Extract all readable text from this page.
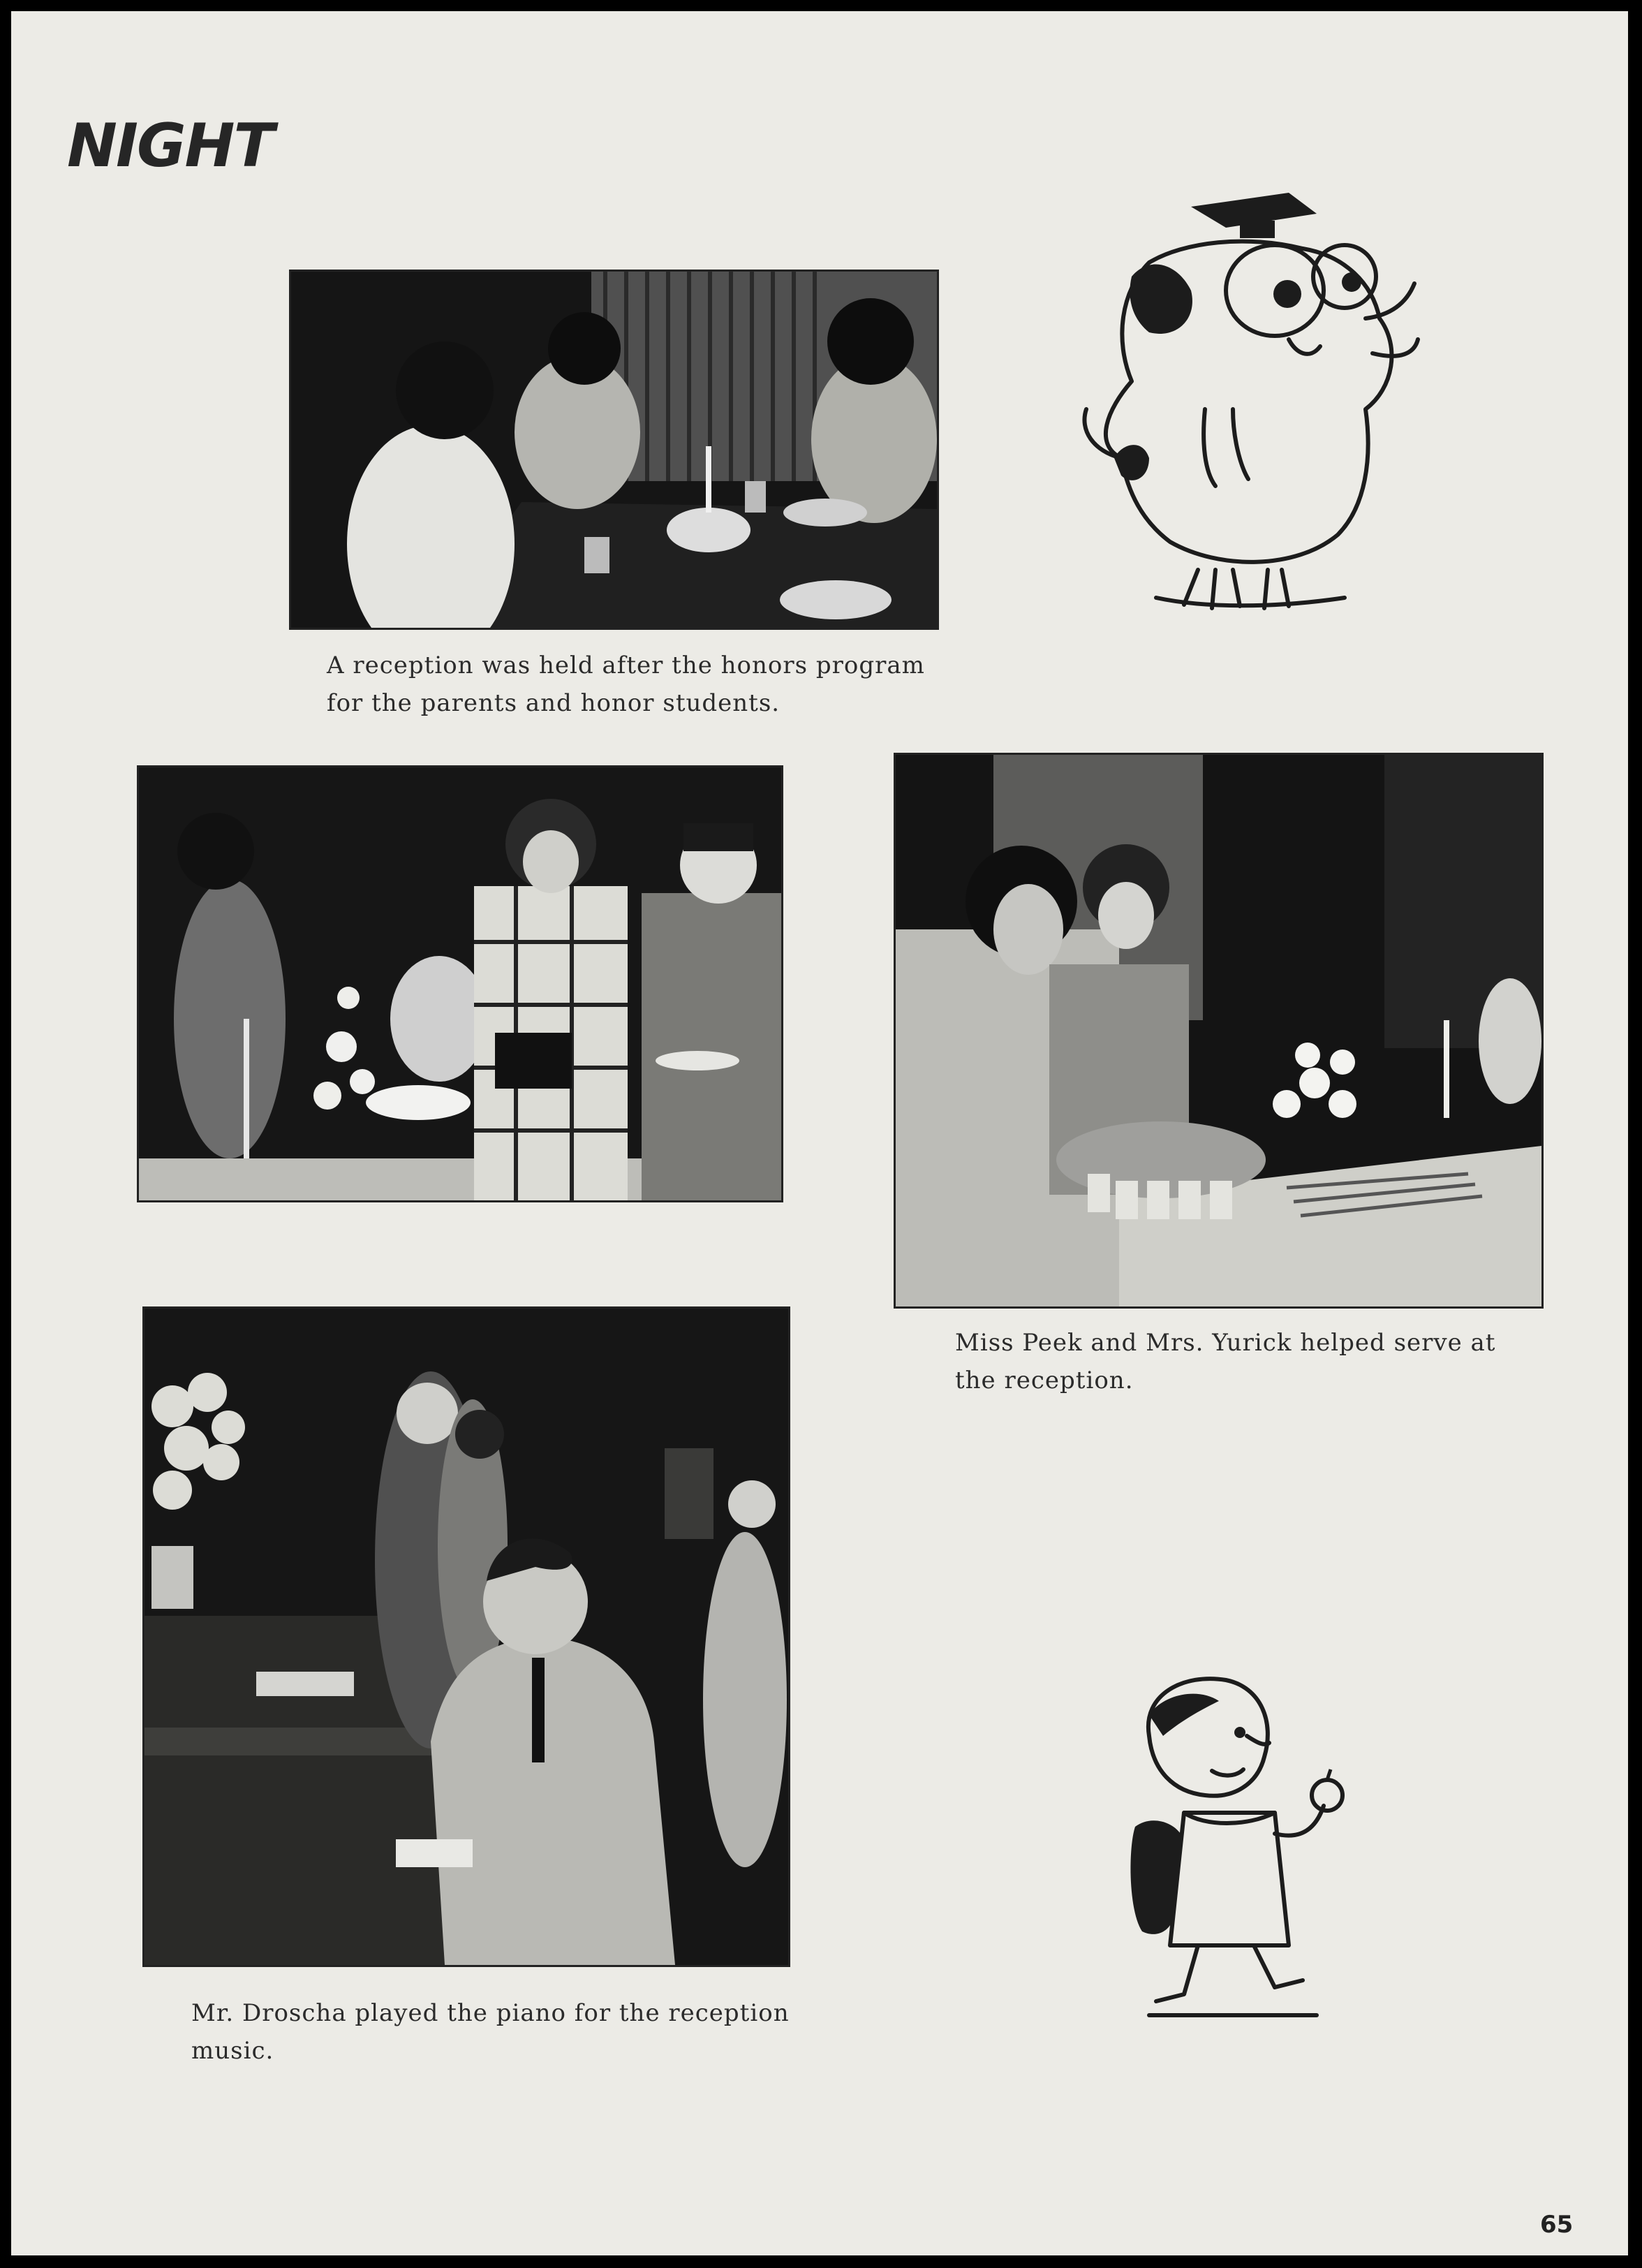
NIGHT

A reception was held after the honors program
for the parents and honor students.

Miss Peek and Mrs. Yurick helped serve at
the reception.

Mr. Droscha played the piano for the reception
music.

65
